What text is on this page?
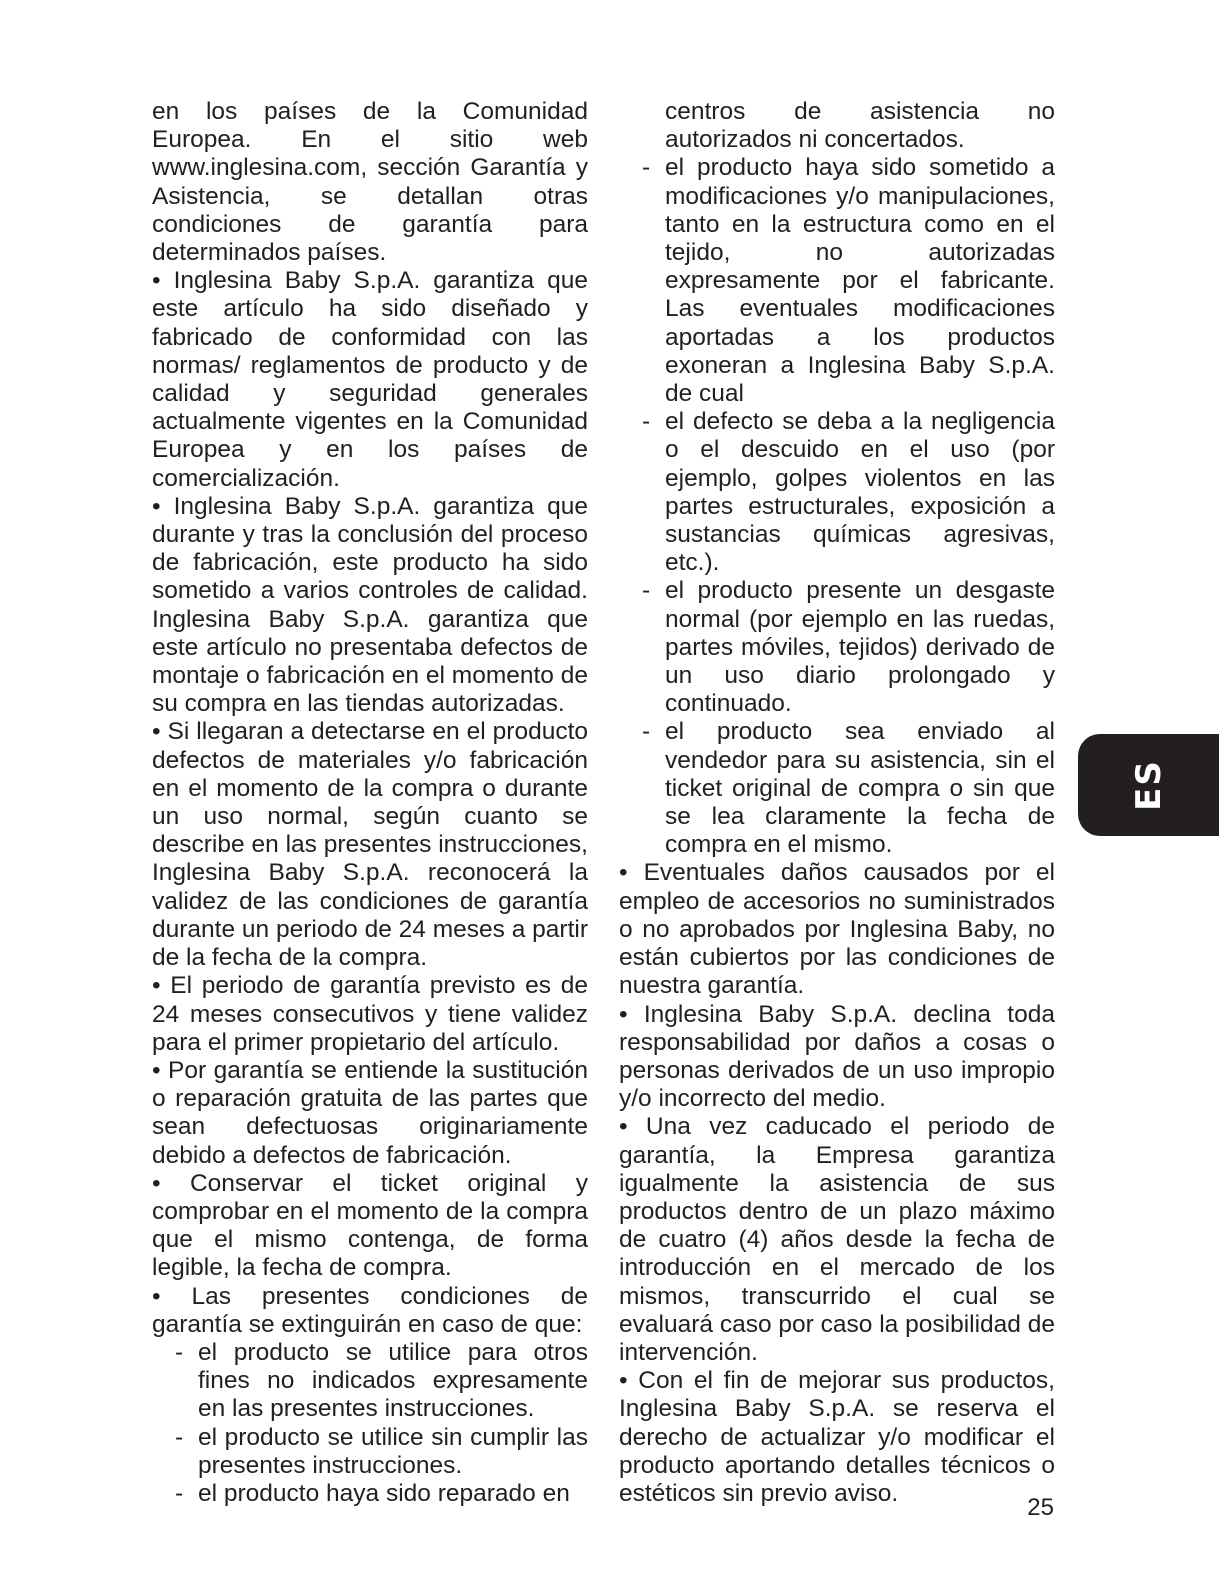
en los países de la Comunidad Europea. En el sitio web www.inglesina.com, sección Garantía y Asistencia, se detallan otras condiciones de garantía para determinados países.

• Inglesina Baby S.p.A. garantiza que este artículo ha sido diseñado y fabricado de conformidad con las normas/ reglamentos de producto y de calidad y seguridad generales actualmente vigentes en la Comunidad Europea y en los países de comercialización.

• Inglesina Baby S.p.A. garantiza que durante y tras la conclusión del proceso de fabricación, este producto ha sido sometido a varios controles de calidad. Inglesina Baby S.p.A. garantiza que este artículo no presentaba defectos de montaje o fabricación en el momento de su compra en las tiendas autorizadas.

• Si llegaran a detectarse en el producto defectos de materiales y/o fabricación en el momento de la compra o durante un uso normal, según cuanto se describe en las presentes instrucciones, Inglesina Baby S.p.A. reconocerá la validez de las condiciones de garantía durante un periodo de 24 meses a partir de la fecha de la compra.

• El periodo de garantía previsto es de 24 meses consecutivos y tiene validez para el primer propietario del artículo.

• Por garantía se entiende la sustitución o reparación gratuita de las partes que sean defectuosas originariamente debido a defectos de fabricación.

• Conservar el ticket original y comprobar en el momento de la compra que el mismo contenga, de forma legible, la fecha de compra.

• Las presentes condiciones de garantía se extinguirán en caso de que:

- el producto se utilice para otros fines no indicados expresamente en las presentes instrucciones.
- el producto se utilice sin cumplir las presentes instrucciones.
- el producto haya sido reparado en
centros de asistencia no autorizados ni concertados.
- el producto haya sido sometido a modificaciones y/o manipulaciones, tanto en la estructura como en el tejido, no autorizadas expresamente por el fabricante. Las eventuales modificaciones aportadas a los productos exoneran a Inglesina Baby S.p.A. de cual
- el defecto se deba a la negligencia o el descuido en el uso (por ejemplo, golpes violentos en las partes estructurales, exposición a sustancias químicas agresivas, etc.).
- el producto presente un desgaste normal (por ejemplo en las ruedas, partes móviles, tejidos) derivado de un uso diario prolongado y continuado.
- el producto sea enviado al vendedor para su asistencia, sin el ticket original de compra o sin que se lea claramente la fecha de compra en el mismo.

• Eventuales daños causados por el empleo de accesorios no suministrados o no aprobados por Inglesina Baby, no están cubiertos por las condiciones de nuestra garantía.

• Inglesina Baby S.p.A. declina toda responsabilidad por daños a cosas o personas derivados de un uso impropio y/o incorrecto del medio.

• Una vez caducado el periodo de garantía, la Empresa garantiza igualmente la asistencia de sus productos dentro de un plazo máximo de cuatro (4) años desde la fecha de introducción en el mercado de los mismos, transcurrido el cual se evaluará caso por caso la posibilidad de intervención.

• Con el fin de mejorar sus productos, Inglesina Baby S.p.A. se reserva el derecho de actualizar y/o modificar el producto aportando detalles técnicos o estéticos sin previo aviso.

ES
25
